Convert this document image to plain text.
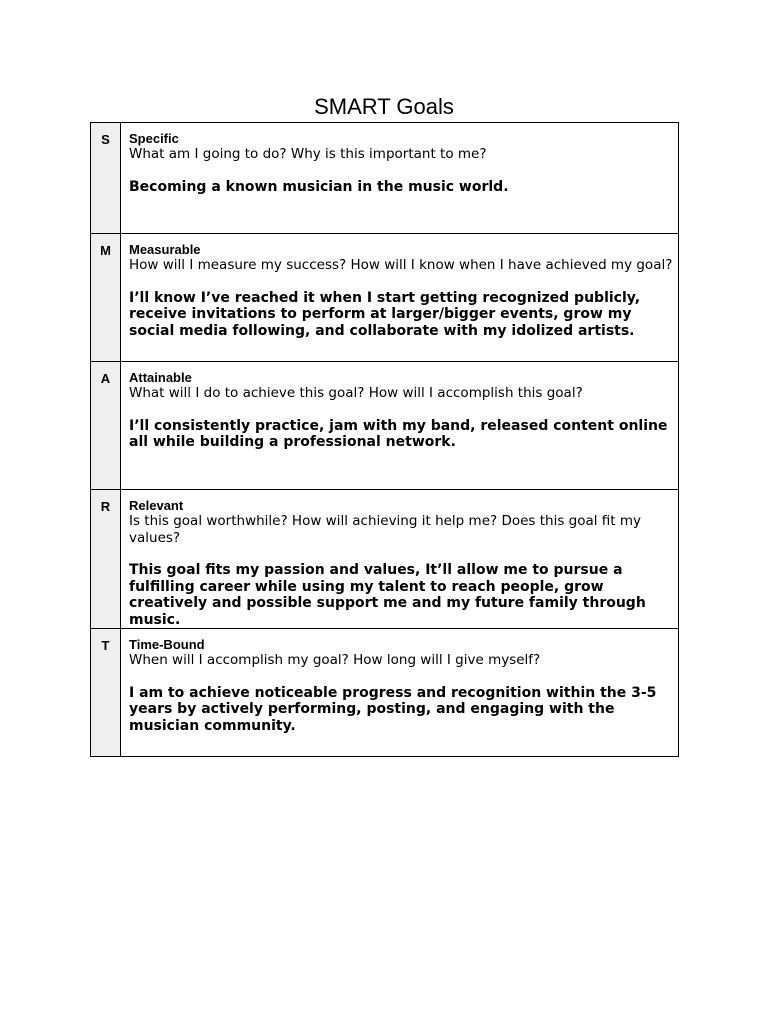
SMART Goals
S	Specific
What am I going to do? Why is this important to me?
Becoming a known musician in the music world.

M	Measurable
How will I measure my success? How will I know when I have achieved my goal?
I’ll know I’ve reached it when I start getting recognized publicly, receive invitations to perform at larger/bigger events, grow my social media following, and collaborate with my idolized artists.

A	Attainable
What will I do to achieve this goal? How will I accomplish this goal?
I’ll consistently practice, jam with my band, released content online all while building a professional network.

R	Relevant
Is this goal worthwhile? How will achieving it help me? Does this goal fit my values?
This goal fits my passion and values, It’ll allow me to pursue a fulfilling career while using my talent to reach people, grow creatively and possible support me and my future family through music.

T	Time-Bound
When will I accomplish my goal? How long will I give myself?
I am to achieve noticeable progress and recognition within the 3-5 years by actively performing, posting, and engaging with the musician community.
